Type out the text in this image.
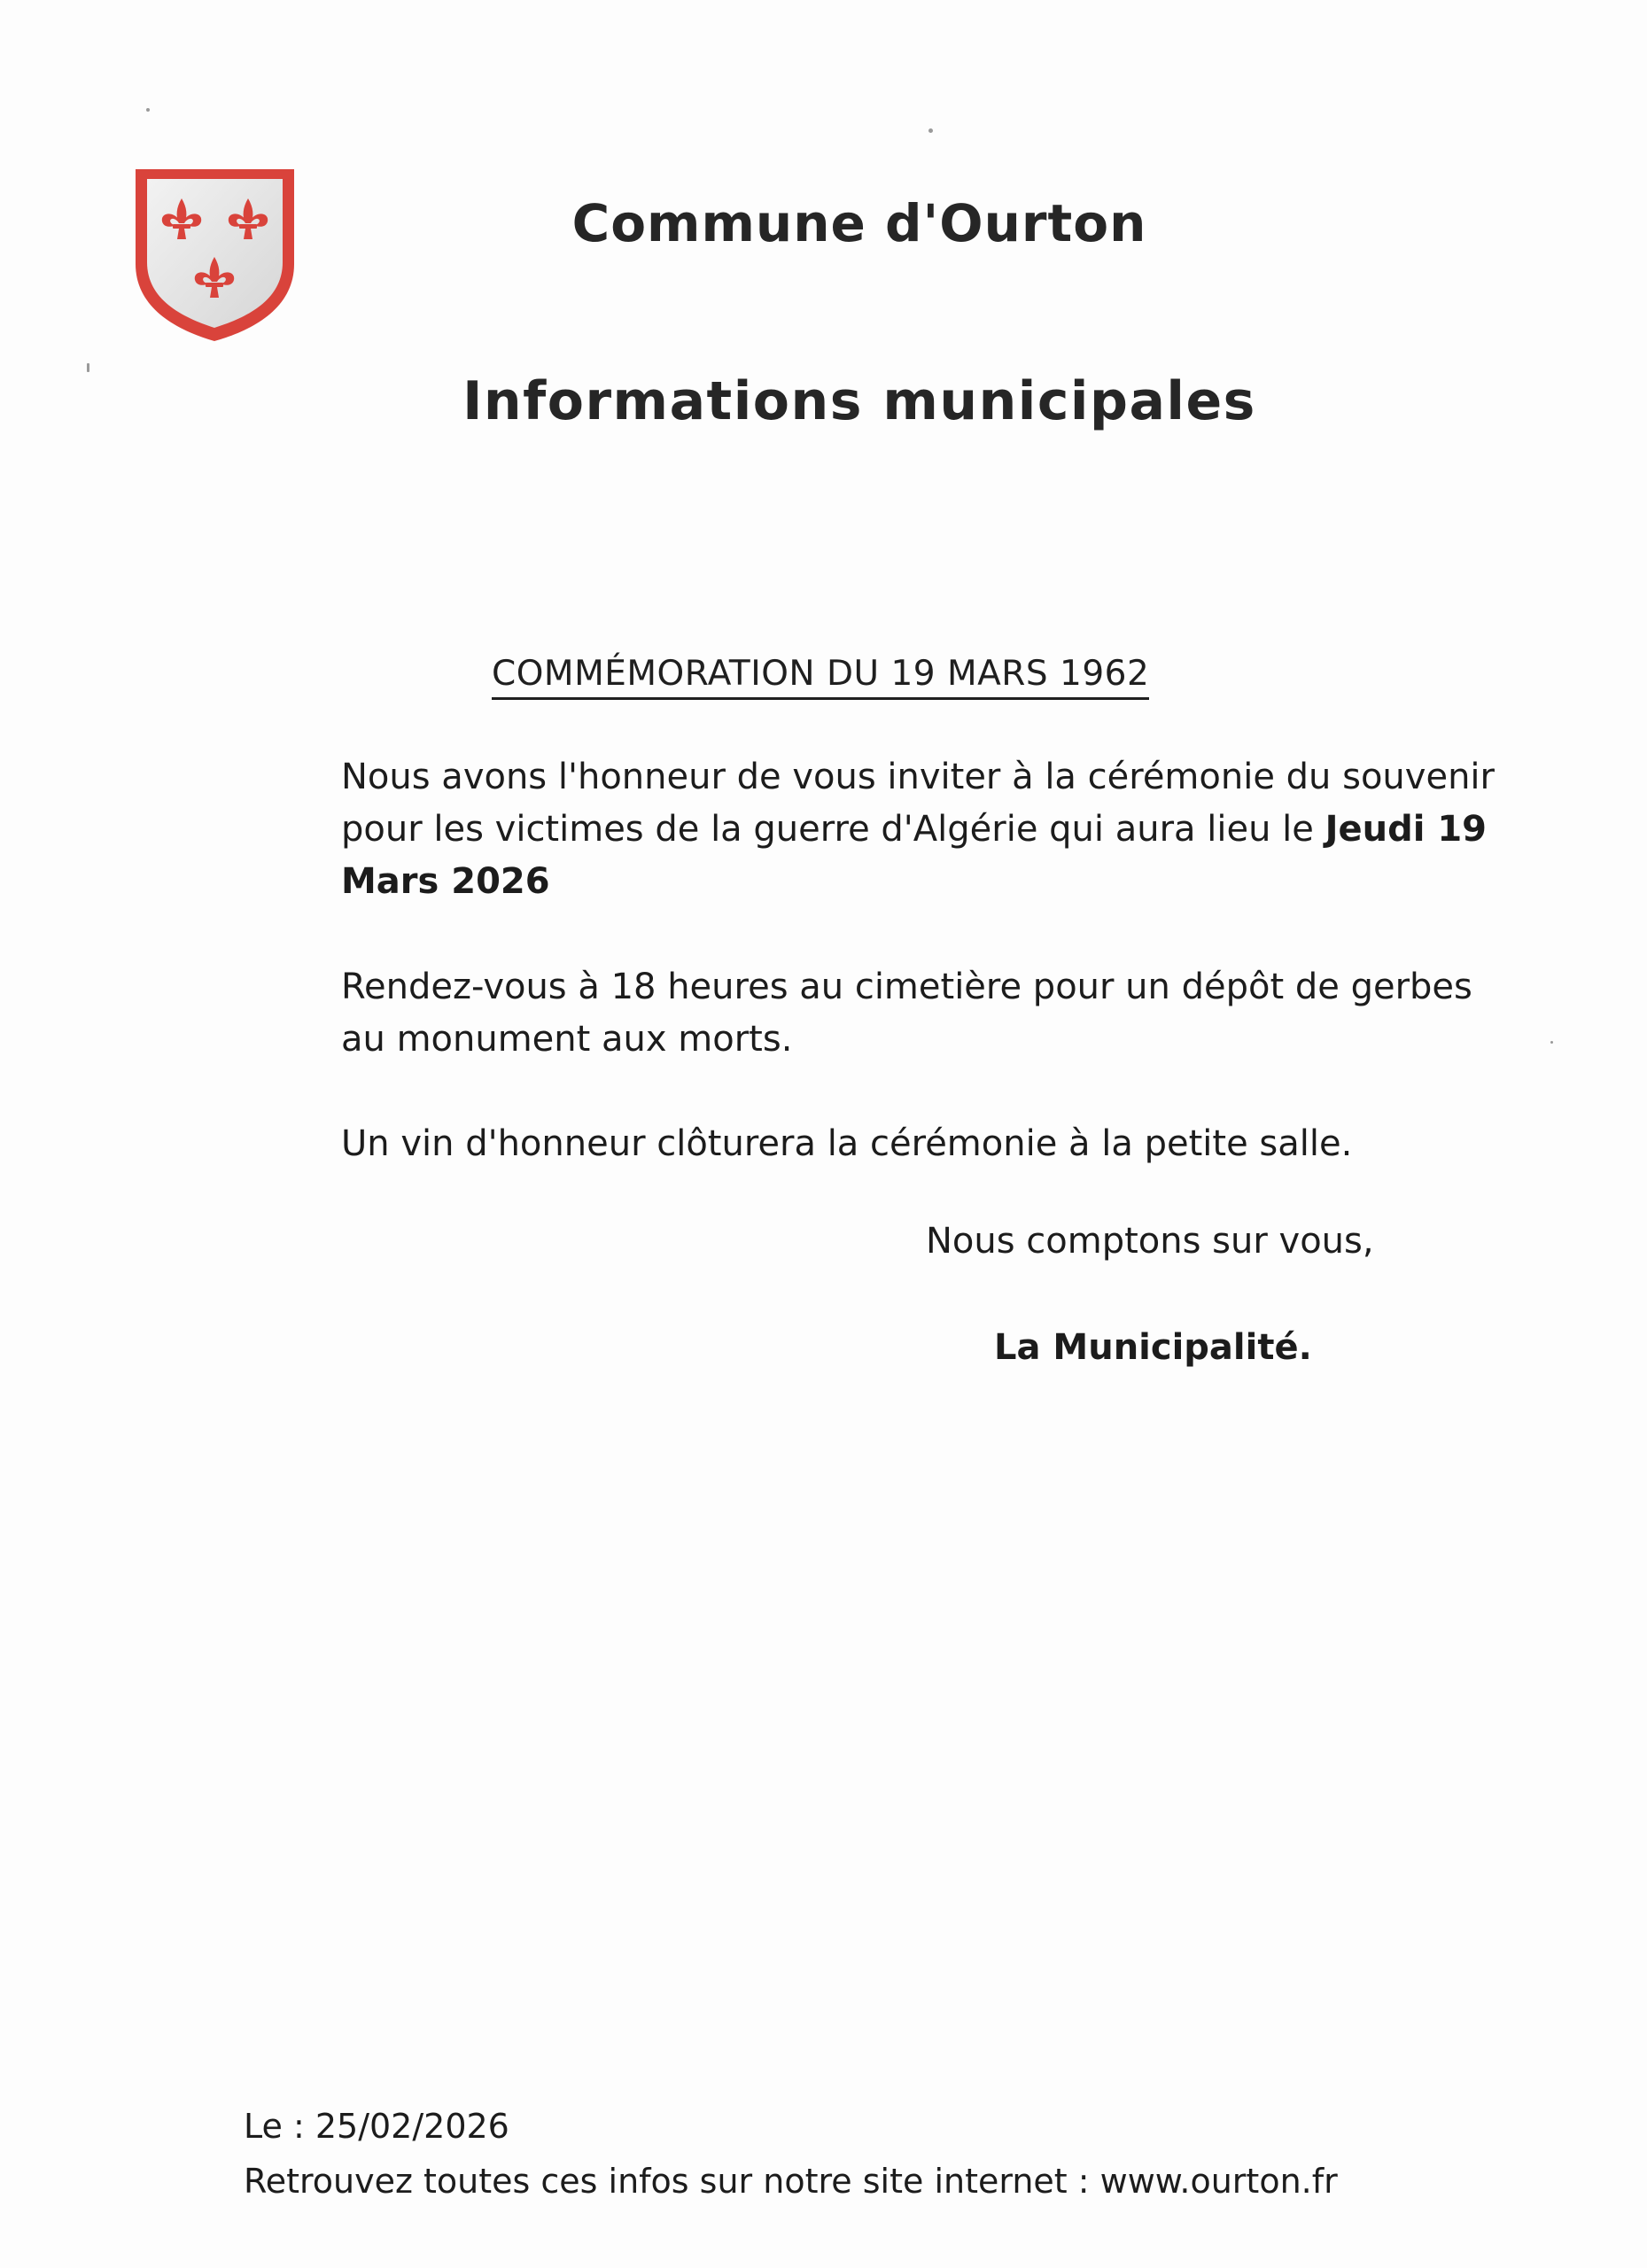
Commune d'Ourton
Informations municipales
COMMÉMORATION DU 19 MARS 1962
Nous avons l'honneur de vous inviter à la cérémonie du souvenir pour les victimes de la guerre d'Algérie qui aura lieu le Jeudi 19 Mars 2026
Rendez-vous à 18 heures au cimetière pour un dépôt de gerbes au monument aux morts.
Un vin d'honneur clôturera la cérémonie à la petite salle.
Nous comptons sur vous,
La Municipalité.
Le : 25/02/2026
Retrouvez toutes ces infos sur notre site internet : www.ourton.fr
